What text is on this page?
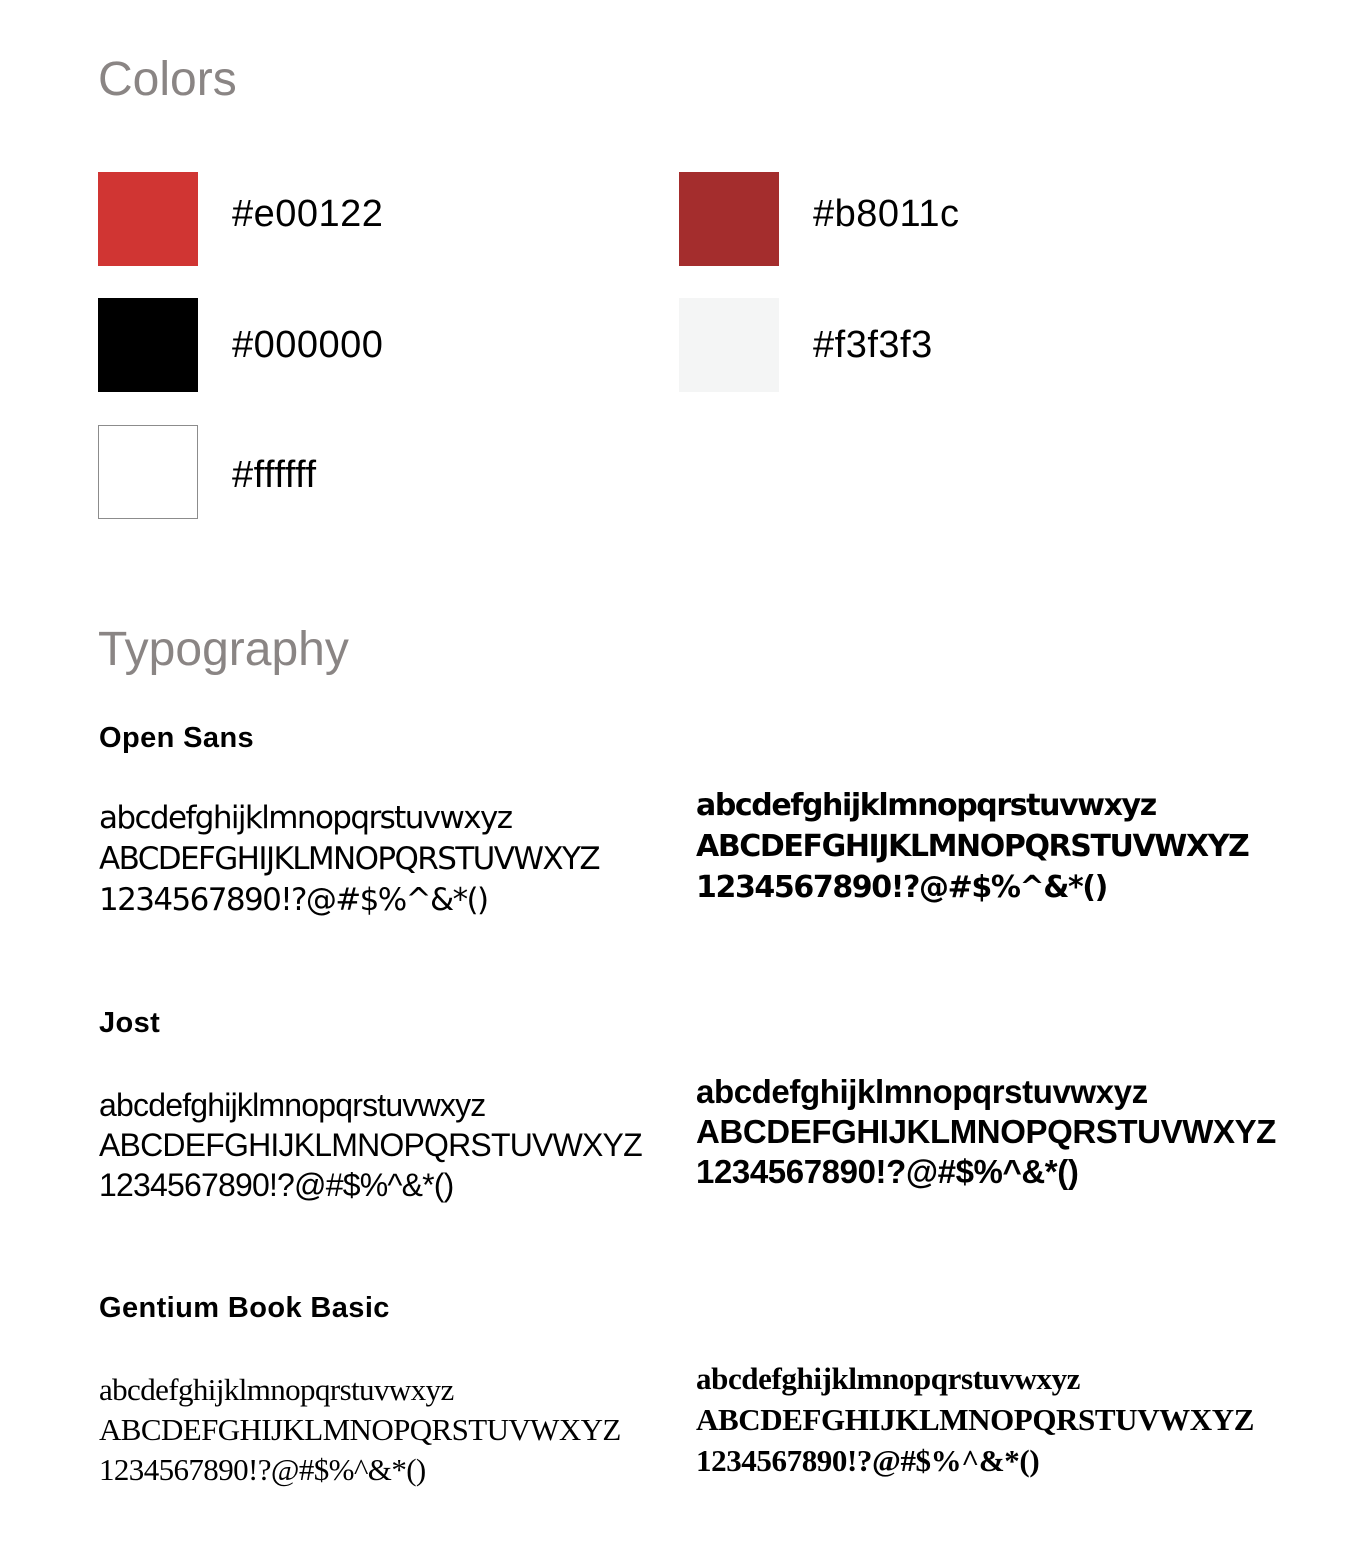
Colors
#e00122	#b8011c
#000000	#f3f3f3
#ffffff
Typography
Open Sans
abcdefghijklmnopqrstuvwxyz
ABCDEFGHIJKLMNOPQRSTUVWXYZ
1234567890!?@#$%^&*()
abcdefghijklmnopqrstuvwxyz
ABCDEFGHIJKLMNOPQRSTUVWXYZ
1234567890!?@#$%^&*()
Jost
abcdefghijklmnopqrstuvwxyz
ABCDEFGHIJKLMNOPQRSTUVWXYZ
1234567890!?@#$%^&*()
abcdefghijklmnopqrstuvwxyz
ABCDEFGHIJKLMNOPQRSTUVWXYZ
1234567890!?@#$%^&*()
Gentium Book Basic
abcdefghijklmnopqrstuvwxyz
ABCDEFGHIJKLMNOPQRSTUVWXYZ
1234567890!?@#$%^&*()
abcdefghijklmnopqrstuvwxyz
ABCDEFGHIJKLMNOPQRSTUVWXYZ
1234567890!?@#$%^&*()
